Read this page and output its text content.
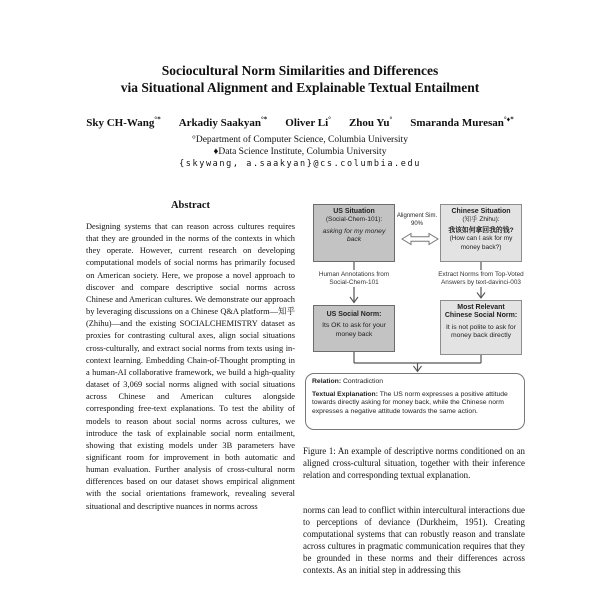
Sociocultural Norm Similarities and Differences
via Situational Alignment and Explainable Textual Entailment
Sky CH-Wang°* Arkadiy Saakyan°* Oliver Li° Zhou Yu° Smaranda Muresan°♦*
°Department of Computer Science, Columbia University
♦Data Science Institute, Columbia University
{skywang, a.saakyan}@cs.columbia.edu
Abstract
Designing systems that can reason across cultures requires that they are grounded in the norms of the contexts in which they operate. However, current research on developing computational models of social norms has primarily focused on American society. Here, we propose a novel approach to discover and compare descriptive social norms across Chinese and American cultures. We demonstrate our approach by leveraging discussions on a Chinese Q&A platform—知乎 (Zhihu)—and the existing SOCIALCHEMISTRY dataset as proxies for contrasting cultural axes, align social situations cross-culturally, and extract social norms from texts using in-context learning. Embedding Chain-of-Thought prompting in a human-AI collaborative framework, we build a high-quality dataset of 3,069 social norms aligned with social situations across Chinese and American cultures alongside corresponding free-text explanations. To test the ability of models to reason about social norms across cultures, we introduce the task of explainable social norm entailment, showing that existing models under 3B parameters have significant room for improvement in both automatic and human evaluation. Further analysis of cross-cultural norm differences based on our dataset shows empirical alignment with the social orientations framework, revealing several situational and descriptive nuances in norms across
US Situation
(Social-Chem-101):
asking for my money back
Alignment Sim.
90%
Chinese Situation
(知乎 Zhihu):
我该如何拿回我的钱?
(How can I ask for my money back?)
Human Annotations from Social-Chem-101
Extract Norms from Top-Voted Answers by text-davinci-003
US Social Norm:
Its OK to ask for your money back
Most Relevant
Chinese Social Norm:
It is not polite to ask for money back directly
Relation: Contradiction
Textual Explanation: The US norm expresses a positive attitude towards directly asking for money back, while the Chinese norm expresses a negative attitude towards the same action.
Figure 1: An example of descriptive norms conditioned on an aligned cross-cultural situation, together with their inference relation and corresponding textual explanation.
norms can lead to conflict within intercultural interactions due to perceptions of deviance (Durkheim, 1951). Creating computational systems that can robustly reason and translate across cultures in pragmatic communication requires that they be grounded in these norms and their differences across contexts. As an initial step in addressing this
